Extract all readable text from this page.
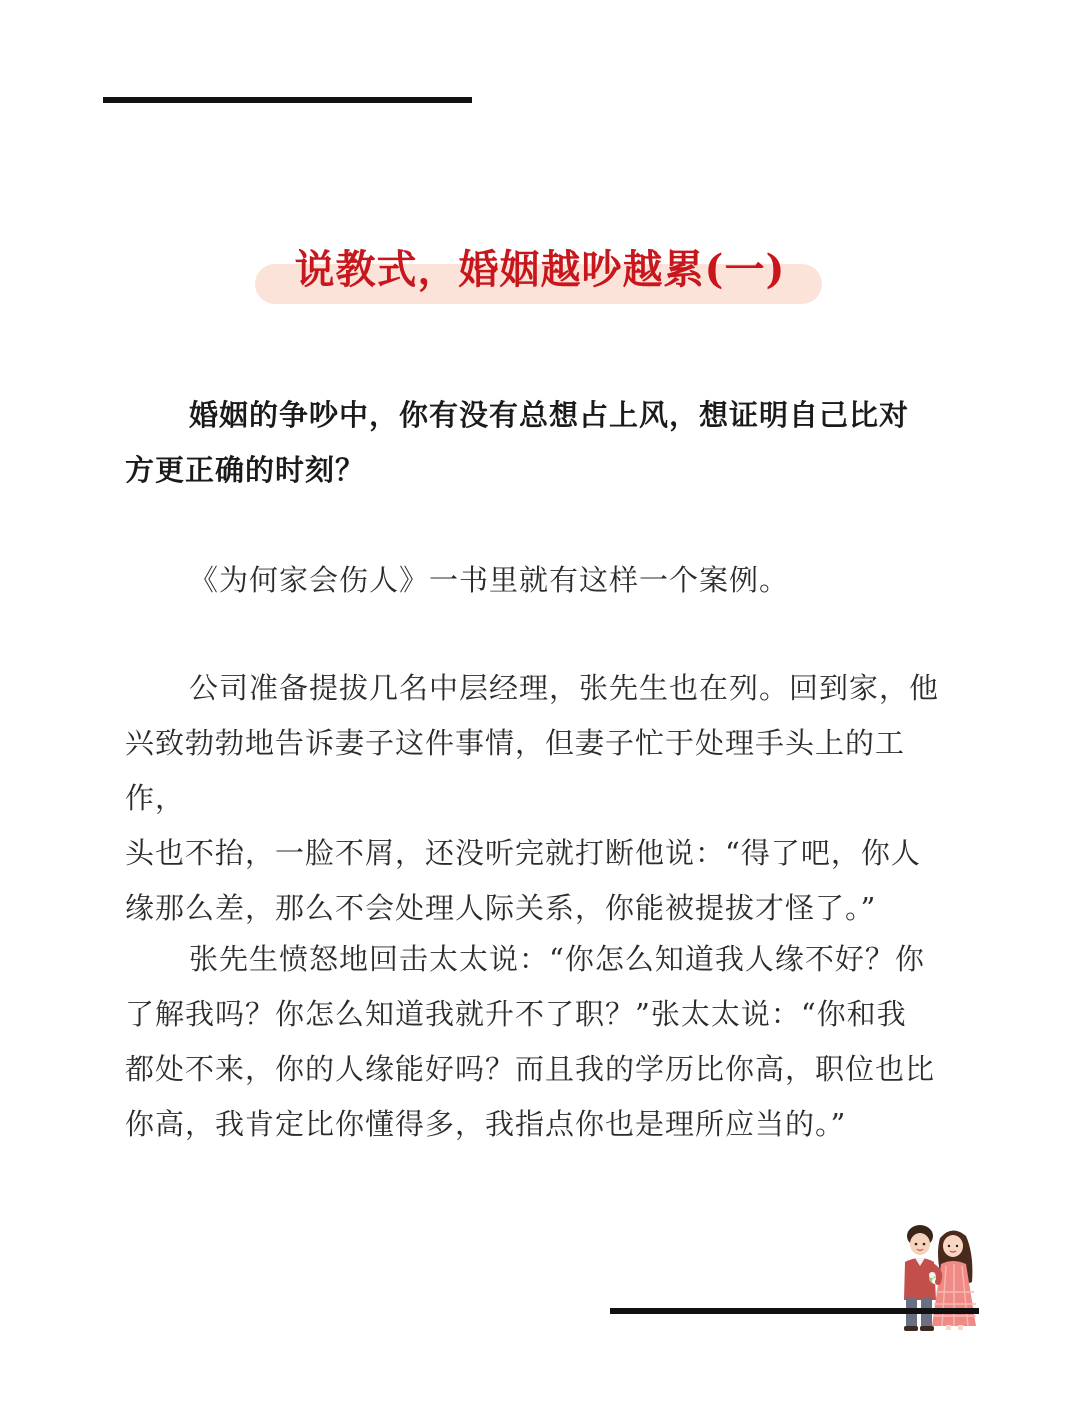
说教式，婚姻越吵越累(一)

婚姻的争吵中，你有没有总想占上风，想证明自己比对
方更正确的时刻？

《为何家会伤人》一书里就有这样一个案例。

公司准备提拔几名中层经理，张先生也在列。回到家，他
兴致勃勃地告诉妻子这件事情，但妻子忙于处理手头上的工作，
头也不抬，一脸不屑，还没听完就打断他说：“得了吧，你人
缘那么差，那么不会处理人际关系，你能被提拔才怪了。”

张先生愤怒地回击太太说：“你怎么知道我人缘不好？你
了解我吗？你怎么知道我就升不了职？”张太太说：“你和我
都处不来，你的人缘能好吗？而且我的学历比你高，职位也比
你高，我肯定比你懂得多，我指点你也是理所应当的。”
